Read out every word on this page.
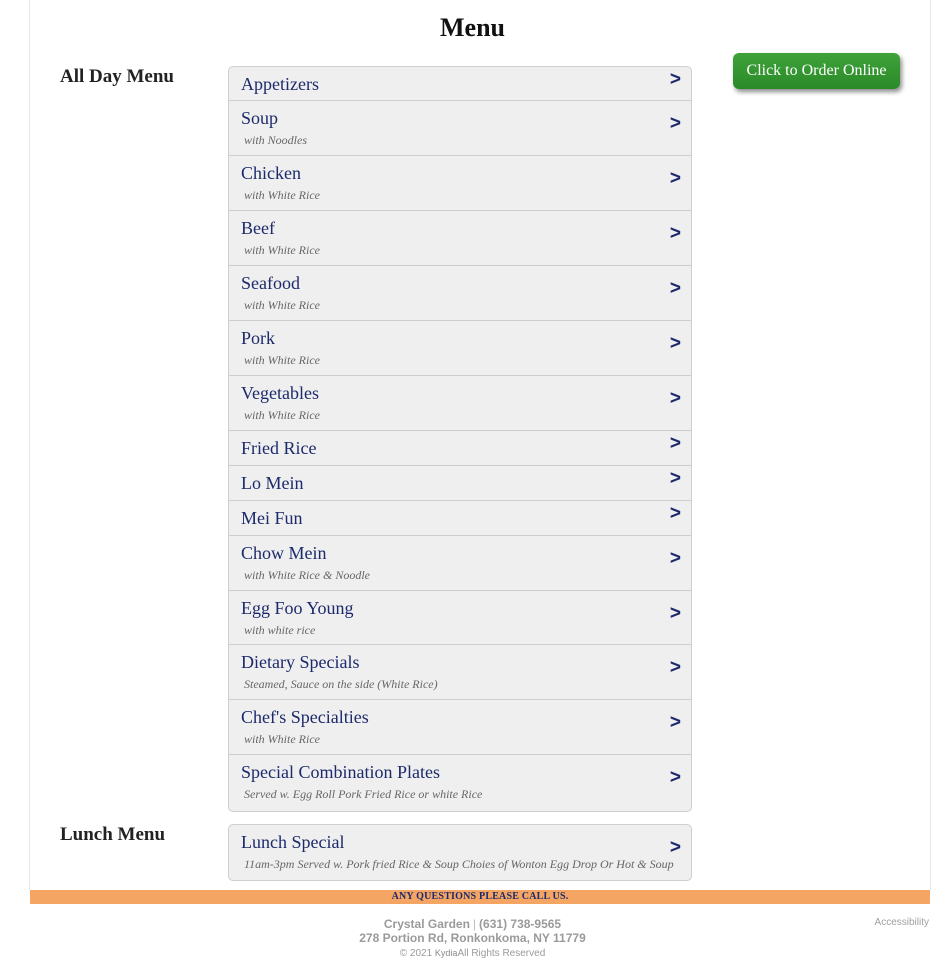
Menu
All Day Menu	Click to Order Online
Appetizers	>
Soup
with Noodles
>
Chicken
with White Rice
>
Beef
with White Rice
>
Seafood
with White Rice
>
Pork
with White Rice
>
Vegetables
with White Rice
>
Fried Rice	>
Lo Mein	>
Mei Fun	>
Chow Mein
with White Rice & Noodle
>
Egg Foo Young
with white rice
>
Dietary Specials
Steamed, Sauce on the side (White Rice)
>
Chef's Specialties
with White Rice
>
Special Combination Plates
Served w. Egg Roll Pork Fried Rice or white Rice
>
Lunch Menu	Lunch Special
11am-3pm Served w. Pork fried Rice & Soup Choies of Wonton Egg Drop Or Hot & Soup
>
ANY QUESTIONS PLEASE CALL US.
Crystal Garden | (631) 738-9565
278 Portion Rd, Ronkonkoma, NY 11779
© 2021 KydiaAll Rights Reserved
Accessibility
